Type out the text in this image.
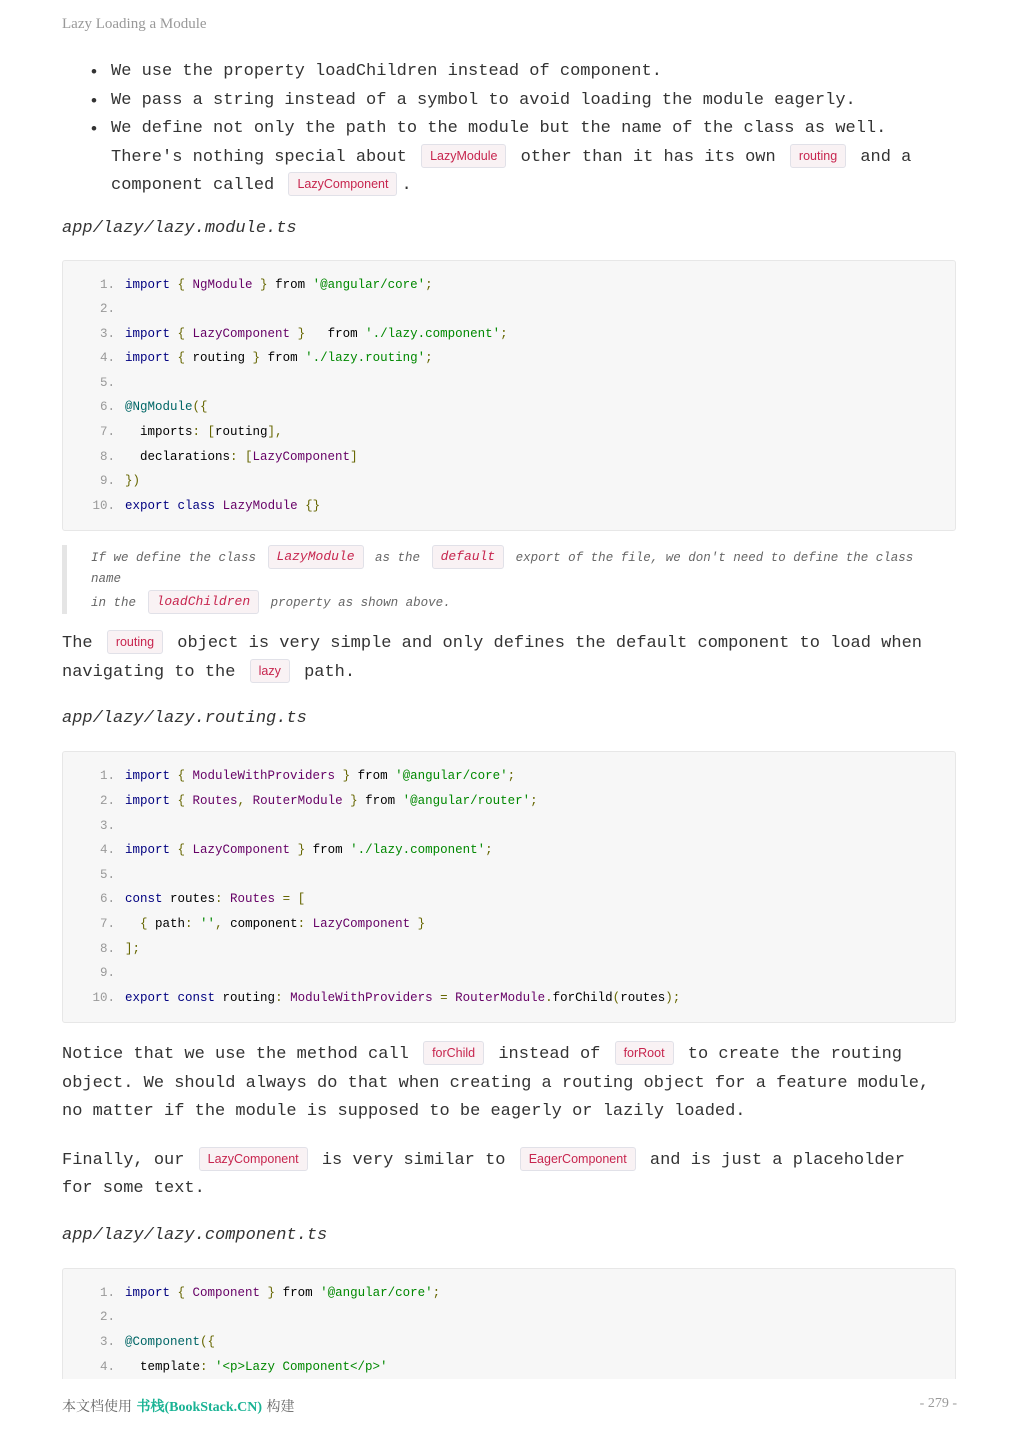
Lazy Loading a Module
• We use the property loadChildren instead of component.
• We pass a string instead of a symbol to avoid loading the module eagerly.
• We define not only the path to the module but the name of the class as well.
There's nothing special about LazyModule other than it has its own routing and a
component called LazyComponent .

app/lazy/lazy.module.ts

1. import { NgModule } from '@angular/core';
2.
3. import { LazyComponent }   from './lazy.component';
4. import { routing } from './lazy.routing';
5.
6. @NgModule({
7. imports: [routing],
8. declarations: [LazyComponent]
9. })
10. export class LazyModule {}
If we define the class LazyModule as the default export of the file, we don't need to define the class name
in the loadChildren property as shown above.

The routing object is very simple and only defines the default component to load when
navigating to the lazy path.

app/lazy/lazy.routing.ts

1. import { ModuleWithProviders } from '@angular/core';
2. import { Routes, RouterModule } from '@angular/router';
3.
4. import { LazyComponent } from './lazy.component';
5.
6. const routes: Routes = [
7. { path: '', component: LazyComponent }
8. ];
9.
10. export const routing: ModuleWithProviders = RouterModule.forChild(routes);

Notice that we use the method call forChild instead of forRoot to create the routing
object. We should always do that when creating a routing object for a feature module,
no matter if the module is supposed to be eagerly or lazily loaded.

Finally, our LazyComponent is very similar to EagerComponent and is just a placeholder
for some text.

app/lazy/lazy.component.ts

1. import { Component } from '@angular/core';
2.
3. @Component({
4. template: '<p>Lazy Component</p>'
本文档使用 书栈(BookStack.CN) 构建	- 279 -
